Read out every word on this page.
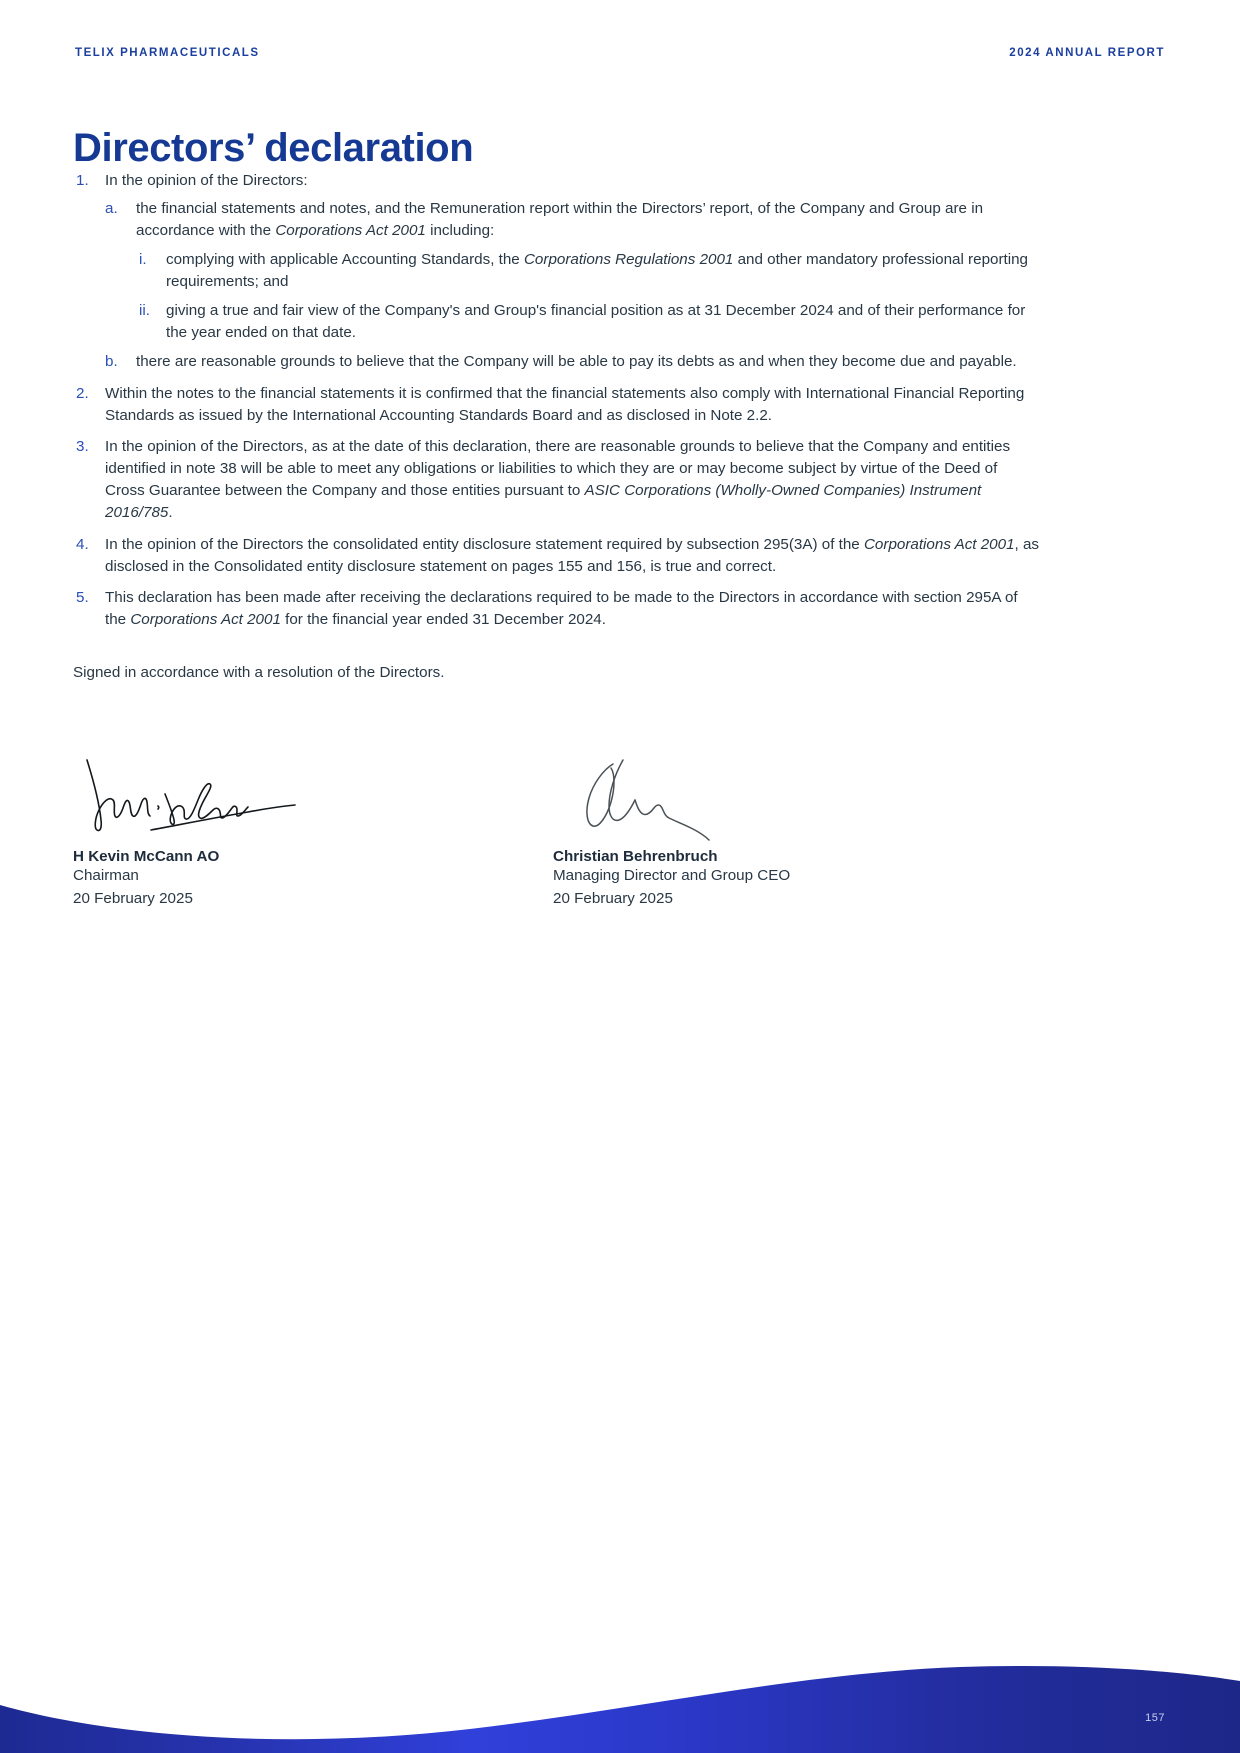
TELIX PHARMACEUTICALS	2024 ANNUAL REPORT
Directors’ declaration
1.	In the opinion of the Directors:
a.	the financial statements and notes, and the Remuneration report within the Directors’ report, of the Company and Group are in accordance with the Corporations Act 2001 including:
i.	complying with applicable Accounting Standards, the Corporations Regulations 2001 and other mandatory professional reporting requirements; and
ii.	giving a true and fair view of the Company's and Group's financial position as at 31 December 2024 and of their performance for the year ended on that date.
b.	there are reasonable grounds to believe that the Company will be able to pay its debts as and when they become due and payable.
2.	Within the notes to the financial statements it is confirmed that the financial statements also comply with International Financial Reporting Standards as issued by the International Accounting Standards Board and as disclosed in Note 2.2.
3.	In the opinion of the Directors, as at the date of this declaration, there are reasonable grounds to believe that the Company and entities identified in note 38 will be able to meet any obligations or liabilities to which they are or may become subject by virtue of the Deed of Cross Guarantee between the Company and those entities pursuant to ASIC Corporations (Wholly-Owned Companies) Instrument 2016/785.
4.	In the opinion of the Directors the consolidated entity disclosure statement required by subsection 295(3A) of the Corporations Act 2001, as disclosed in the Consolidated entity disclosure statement on pages 155 and 156, is true and correct.
5.	This declaration has been made after receiving the declarations required to be made to the Directors in accordance with section 295A of the Corporations Act 2001 for the financial year ended 31 December 2024.
Signed in accordance with a resolution of the Directors.
H Kevin McCann AO
Chairman
20 February 2025
Christian Behrenbruch
Managing Director and Group CEO
20 February 2025
157
